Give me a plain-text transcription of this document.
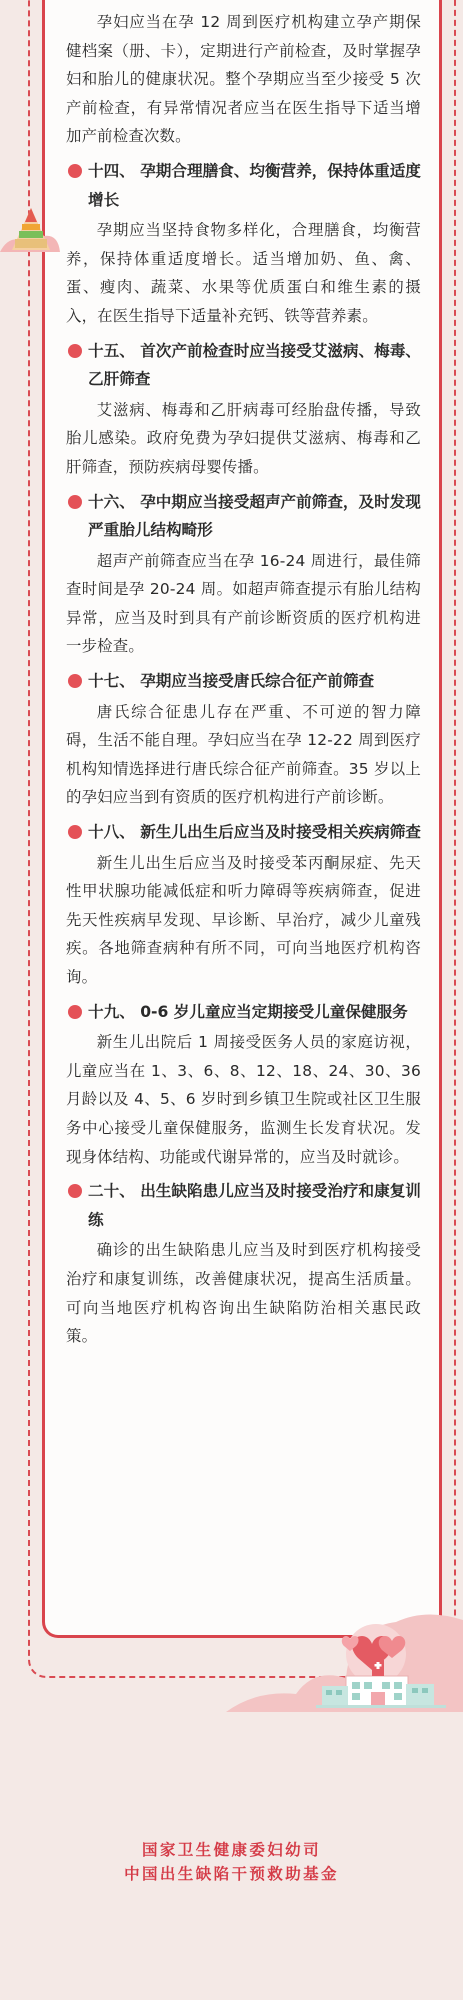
孕妇应当在孕 12 周到医疗机构建立孕产期保健档案（册、卡），定期进行产前检查，及时掌握孕妇和胎儿的健康状况。整个孕期应当至少接受 5 次产前检查，有异常情况者应当在医生指导下适当增加产前检查次数。

十四、 孕期合理膳食、均衡营养，保持体重适度增长

孕期应当坚持食物多样化，合理膳食，均衡营养，保持体重适度增长。适当增加奶、鱼、禽、蛋、瘦肉、蔬菜、水果等优质蛋白和维生素的摄入，在医生指导下适量补充钙、铁等营养素。

十五、 首次产前检查时应当接受艾滋病、梅毒、乙肝筛查

艾滋病、梅毒和乙肝病毒可经胎盘传播，导致胎儿感染。政府免费为孕妇提供艾滋病、梅毒和乙肝筛查，预防疾病母婴传播。

十六、 孕中期应当接受超声产前筛查，及时发现严重胎儿结构畸形

超声产前筛查应当在孕 16-24 周进行，最佳筛查时间是孕 20-24 周。如超声筛查提示有胎儿结构异常，应当及时到具有产前诊断资质的医疗机构进一步检查。

十七、 孕期应当接受唐氏综合征产前筛查

唐氏综合征患儿存在严重、不可逆的智力障碍，生活不能自理。孕妇应当在孕 12-22 周到医疗机构知情选择进行唐氏综合征产前筛查。35 岁以上的孕妇应当到有资质的医疗机构进行产前诊断。

十八、 新生儿出生后应当及时接受相关疾病筛查

新生儿出生后应当及时接受苯丙酮尿症、先天性甲状腺功能减低症和听力障碍等疾病筛查，促进先天性疾病早发现、早诊断、早治疗，减少儿童残疾。各地筛查病种有所不同，可向当地医疗机构咨询。

十九、 0-6 岁儿童应当定期接受儿童保健服务

新生儿出院后 1 周接受医务人员的家庭访视，儿童应当在 1、3、6、8、12、18、24、30、36 月龄以及 4、5、6 岁时到乡镇卫生院或社区卫生服务中心接受儿童保健服务，监测生长发育状况。发现身体结构、功能或代谢异常的，应当及时就诊。

二十、 出生缺陷患儿应当及时接受治疗和康复训练

确诊的出生缺陷患儿应当及时到医疗机构接受治疗和康复训练，改善健康状况，提高生活质量。可向当地医疗机构咨询出生缺陷防治相关惠民政策。

国家卫生健康委妇幼司
中国出生缺陷干预救助基金
